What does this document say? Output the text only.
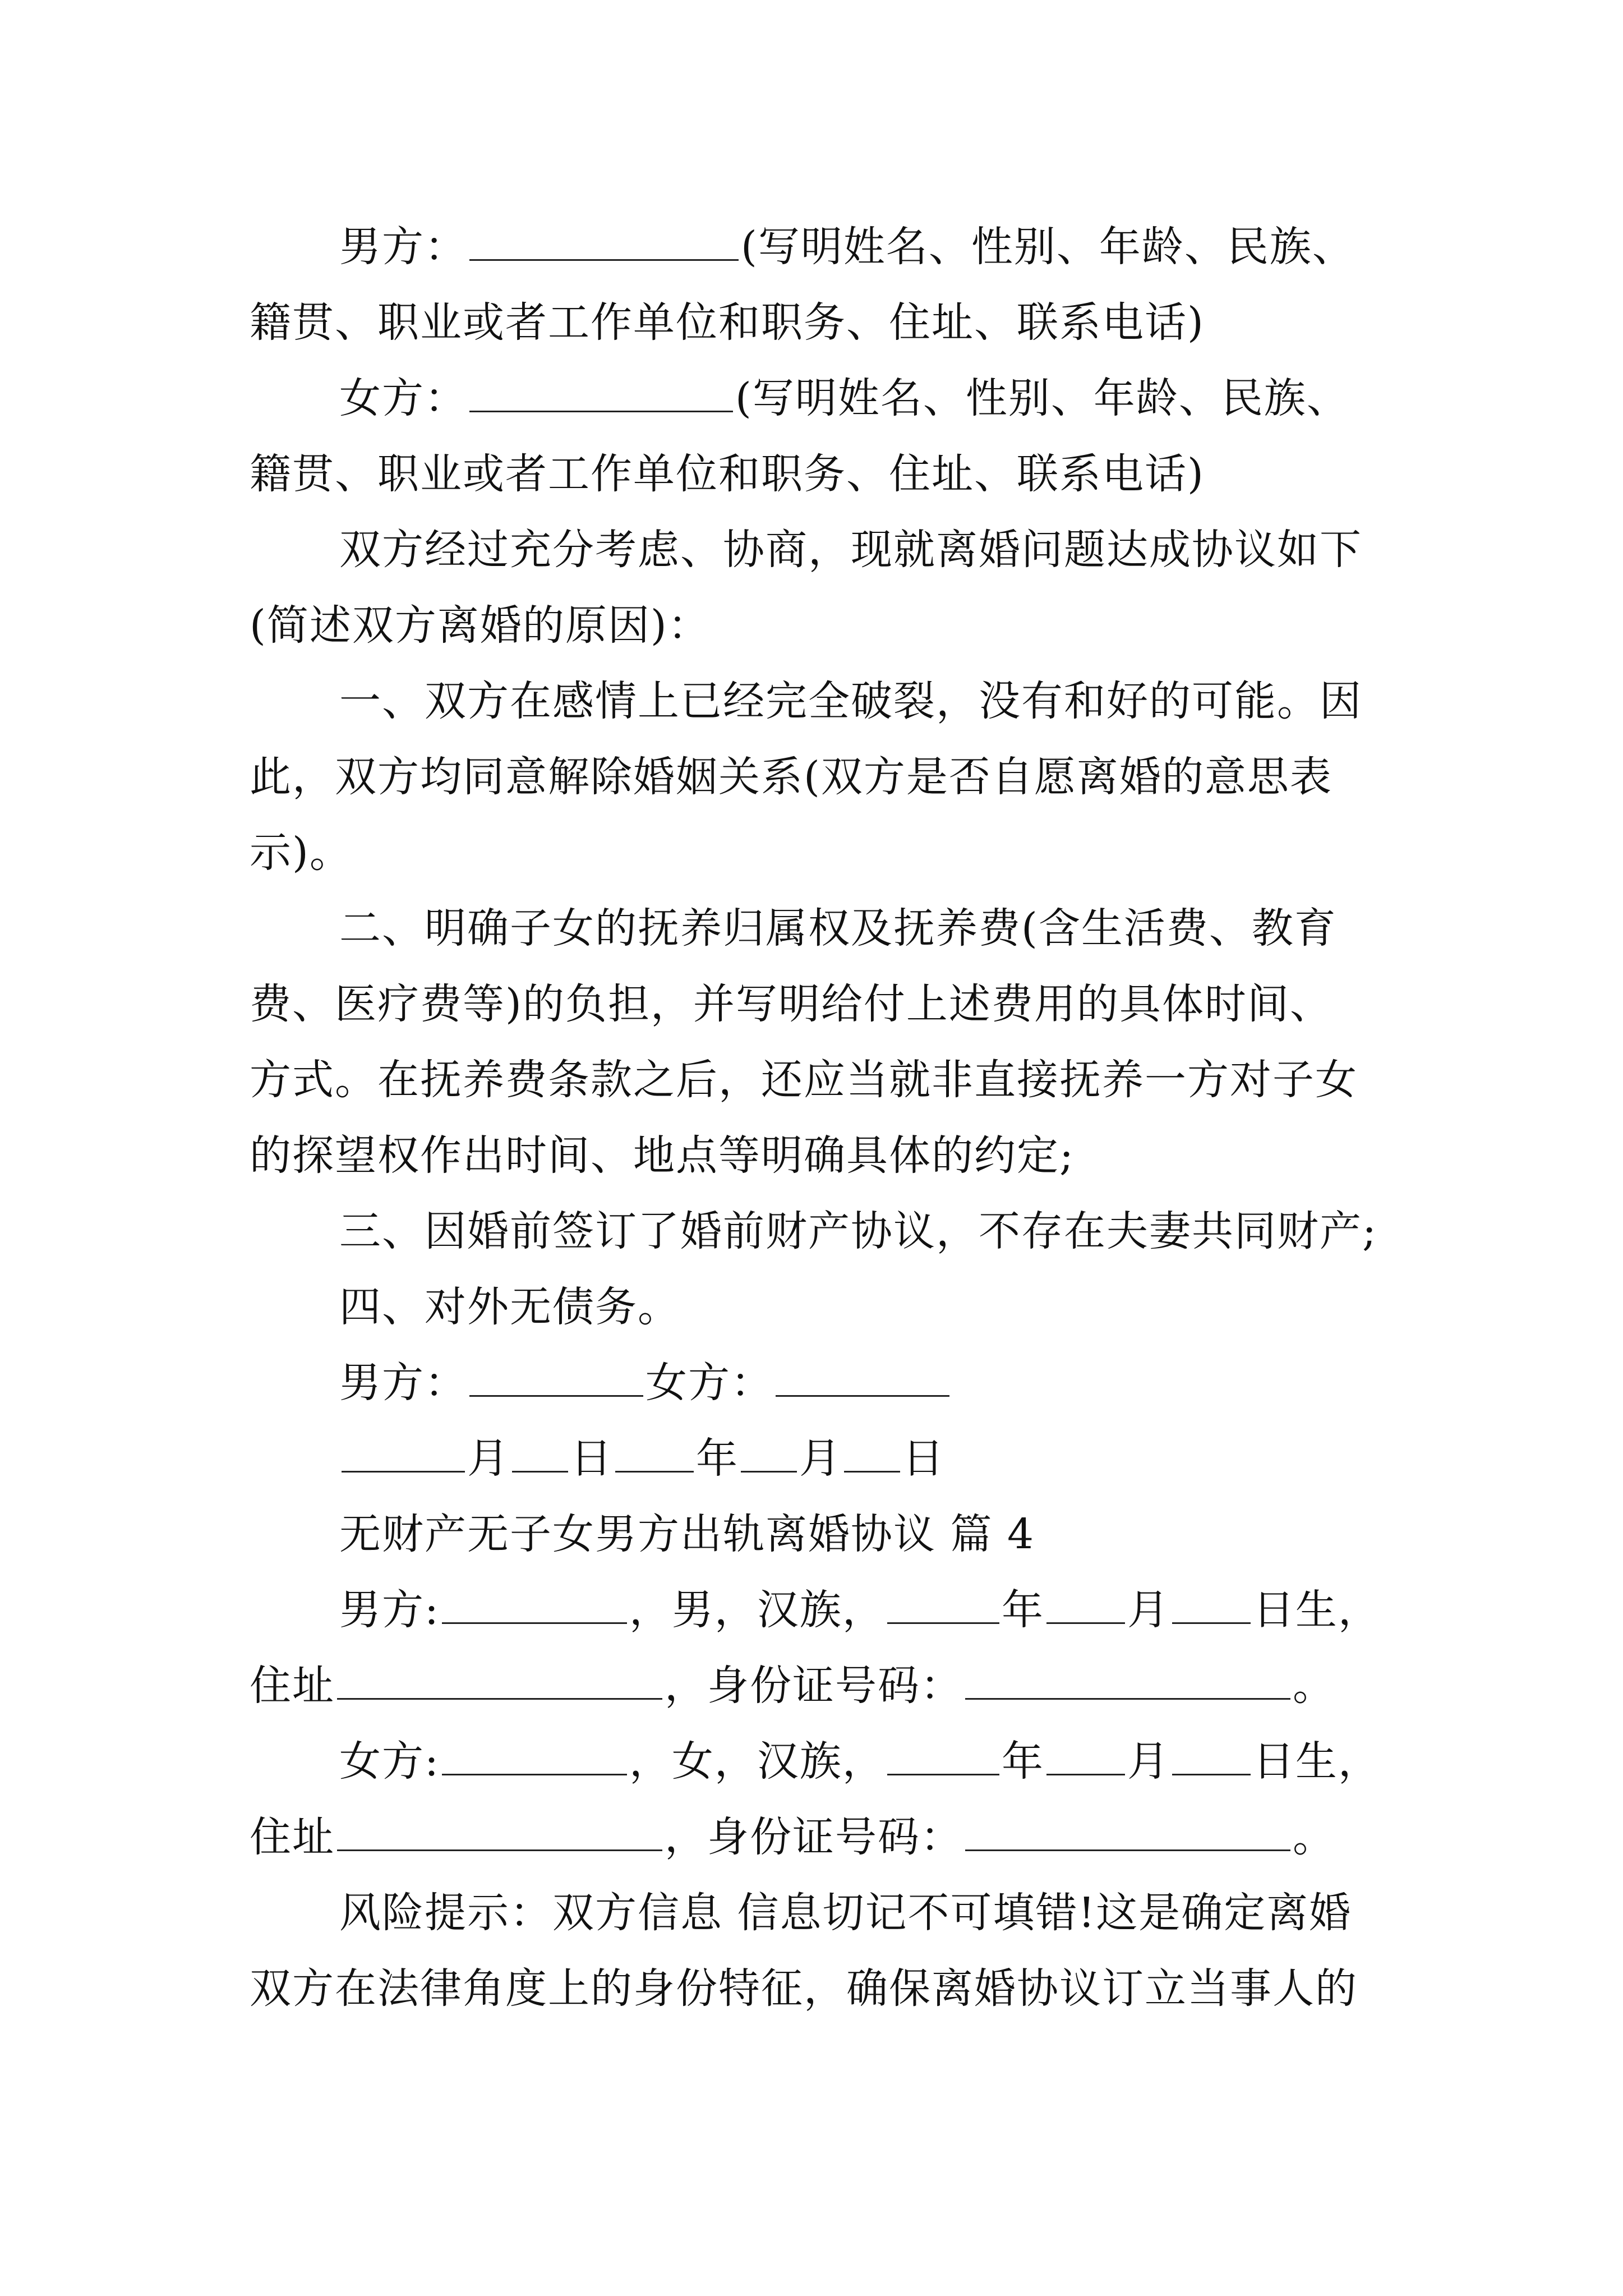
男方：	(写明姓名、性别、年龄、民族、
籍贯、职业或者工作单位和职务、住址、联系电话)
女方：	(写明姓名、性别、年龄、民族、
籍贯、职业或者工作单位和职务、住址、联系电话)
双方经过充分考虑、协商，现就离婚问题达成协议如下
(简述双方离婚的原因)：
一、双方在感情上已经完全破裂，没有和好的可能。因
此，双方均同意解除婚姻关系(双方是否自愿离婚的意思表
示)。
二、明确子女的抚养归属权及抚养费(含生活费、教育
费、医疗费等)的负担，并写明给付上述费用的具体时间、
方式。在抚养费条款之后，还应当就非直接抚养一方对子女
的探望权作出时间、地点等明确具体的约定;
三、因婚前签订了婚前财产协议，不存在夫妻共同财产;
四、对外无债务。
男方：	女方：
月 日 年 月 日
无财产无子女男方出轨离婚协议 篇 4
男方:	，男，汉族，	年 月 日生，
住址	，身份证号码：	。
女方:	，女，汉族，	年 月 日生，
住址	，身份证号码：	。
风险提示：双方信息 信息切记不可填错!这是确定离婚
双方在法律角度上的身份特征，确保离婚协议订立当事人的
